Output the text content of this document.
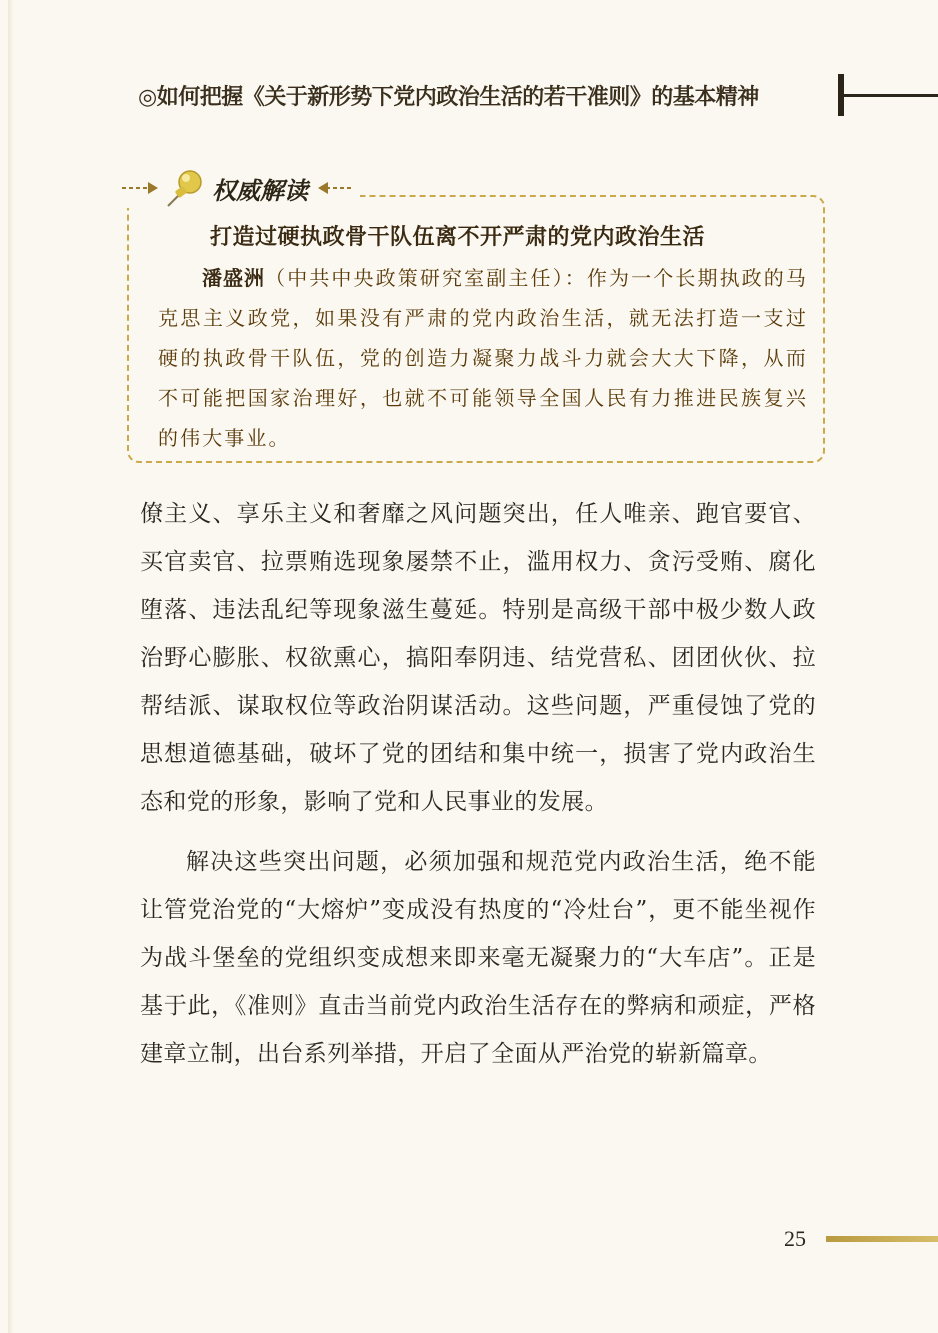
◎如何把握《关于新形势下党内政治生活的若干准则》的基本精神
权威解读
打造过硬执政骨干队伍离不开严肃的党内政治生活
潘盛洲（中共中央政策研究室副主任）：作为一个长期执政的马克思主义政党，如果没有严肃的党内政治生活，就无法打造一支过硬的执政骨干队伍，党的创造力凝聚力战斗力就会大大下降，从而不可能把国家治理好，也就不可能领导全国人民有力推进民族复兴的伟大事业。

僚主义、享乐主义和奢靡之风问题突出，任人唯亲、跑官要官、买官卖官、拉票贿选现象屡禁不止，滥用权力、贪污受贿、腐化堕落、违法乱纪等现象滋生蔓延。特别是高级干部中极少数人政治野心膨胀、权欲熏心，搞阳奉阴违、结党营私、团团伙伙、拉帮结派、谋取权位等政治阴谋活动。这些问题，严重侵蚀了党的思想道德基础，破坏了党的团结和集中统一，损害了党内政治生态和党的形象，影响了党和人民事业的发展。

解决这些突出问题，必须加强和规范党内政治生活，绝不能让管党治党的“大熔炉”变成没有热度的“冷灶台”，更不能坐视作为战斗堡垒的党组织变成想来即来毫无凝聚力的“大车店”。正是基于此，《准则》直击当前党内政治生活存在的弊病和顽症，严格建章立制，出台系列举措，开启了全面从严治党的崭新篇章。

25
